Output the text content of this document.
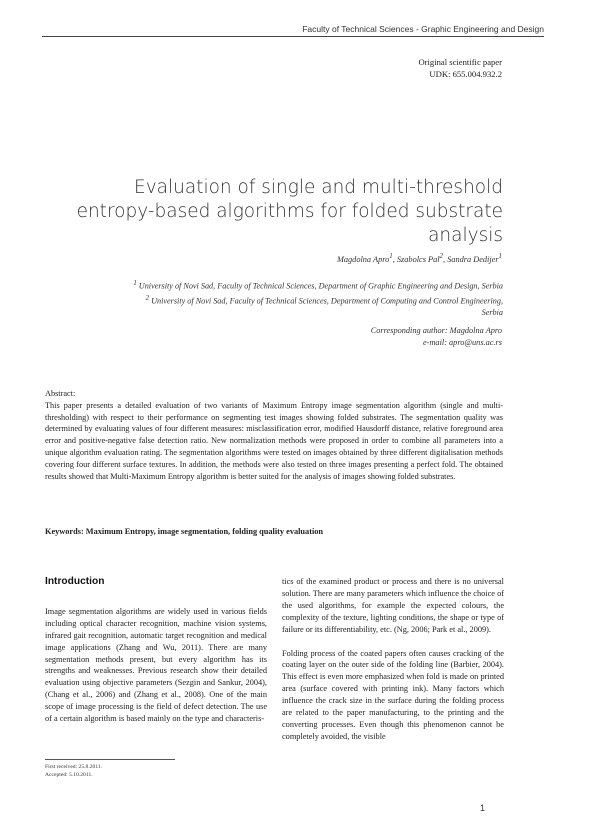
Faculty of Technical Sciences - Graphic Engineering and Design
Original scientific paper
UDK: 655.004.932.2
Evaluation of single and multi-threshold
entropy-based algorithms for folded substrate
analysis
Magdolna Apro$^1$, Szabolcs Pal$^2$, Sandra Dedijer$^1$
$^1$ University of Novi Sad, Faculty of Technical Sciences, Department of Graphic Engineering and Design, Serbia
$^2$ University of Novi Sad, Faculty of Technical Sciences, Department of Computing and Control Engineering,
Serbia
Corresponding author: Magdolna Apro
e-mail: apro@uns.ac.rs
Abstract:
This paper presents a detailed evaluation of two variants of Maximum Entropy image segmentation algorithm (single and multi-thresholding) with respect to their performance on segmenting test images showing folded substrates. The segmentation quality was determined by evaluating values of four different measures: misclassification error, modified Hausdorff distance, relative foreground area error and positive-negative false detection ratio. New normalization methods were proposed in order to combine all parameters into a unique algorithm evaluation rating. The segmentation algorithms were tested on images obtained by three different digitalisation methods covering four different surface textures. In addition, the methods were also tested on three images presenting a perfect fold. The obtained results showed that Multi-Maximum Entropy algorithm is better suited for the analysis of images showing folded substrates.
Keywords: Maximum Entropy, image segmentation, folding quality evaluation
Introduction

Image segmentation algorithms are widely used in various fields including optical character recognition, machine vision systems, infrared gait recognition, automatic target recognition and medical image applications (Zhang and Wu, 2011). There are many segmentation methods present, but every algorithm has its strengths and weaknesses. Previous research show their detailed evaluation using objective parameters (Sezgin and Sankur, 2004), (Chang et al., 2006) and (Zhang et al., 2008). One of the main scope of image processing is the field of defect detection. The use of a certain algorithm is based mainly on the type and characteris-

tics of the examined product or process and there is no universal solution. There are many parameters which influence the choice of the used algorithms, for example the expected colours, the complexity of the texture, lighting conditions, the shape or type of failure or its differentiability, etc. (Ng, 2006; Park et al., 2009).

Folding process of the coated papers often causes cracking of the coating layer on the outer side of the folding line (Barbier, 2004). This effect is even more emphasized when fold is made on printed area (surface covered with printing ink). Many factors which influence the crack size in the surface during the folding process are related to the paper manufacturing, to the printing and the converting processes. Even though this phenomenon cannot be completely avoided, the visible

First received: 25.8.2011.
Accepted: 5.10.2011.
1
